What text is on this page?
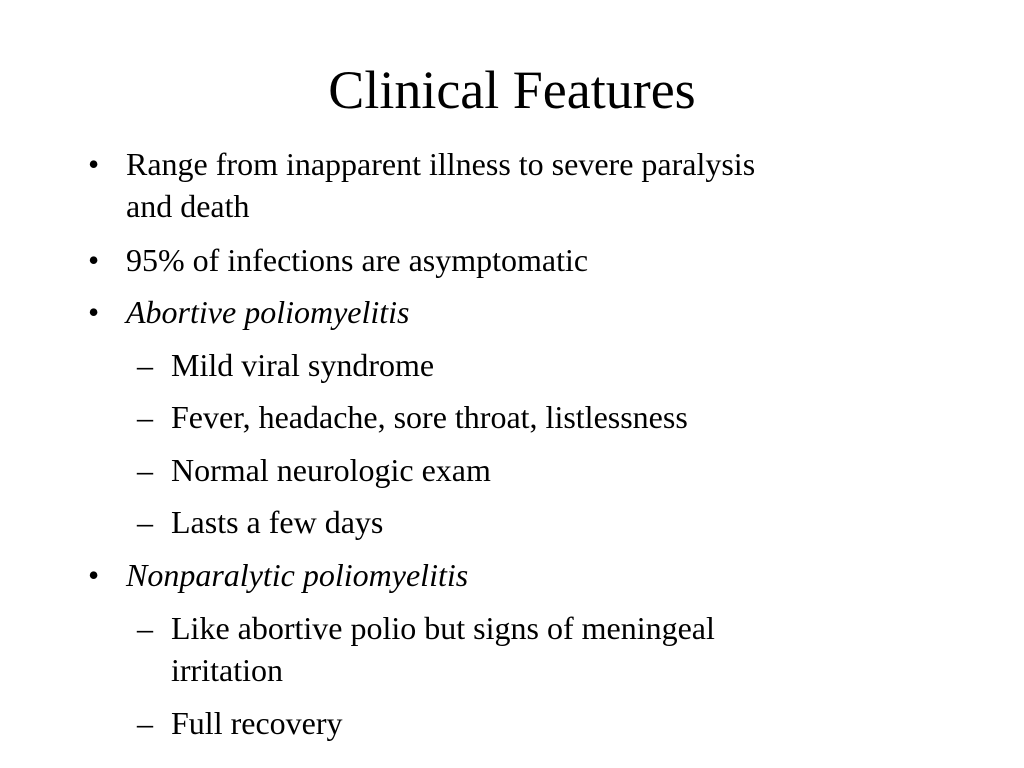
Clinical Features
• Range from inapparent illness to severe paralysis
and death
• 95% of infections are asymptomatic
• Abortive poliomyelitis
– Mild viral syndrome
– Fever, headache, sore throat, listlessness
– Normal neurologic exam
– Lasts a few days
• Nonparalytic poliomyelitis
– Like abortive polio but signs of meningeal
irritation
– Full recovery
